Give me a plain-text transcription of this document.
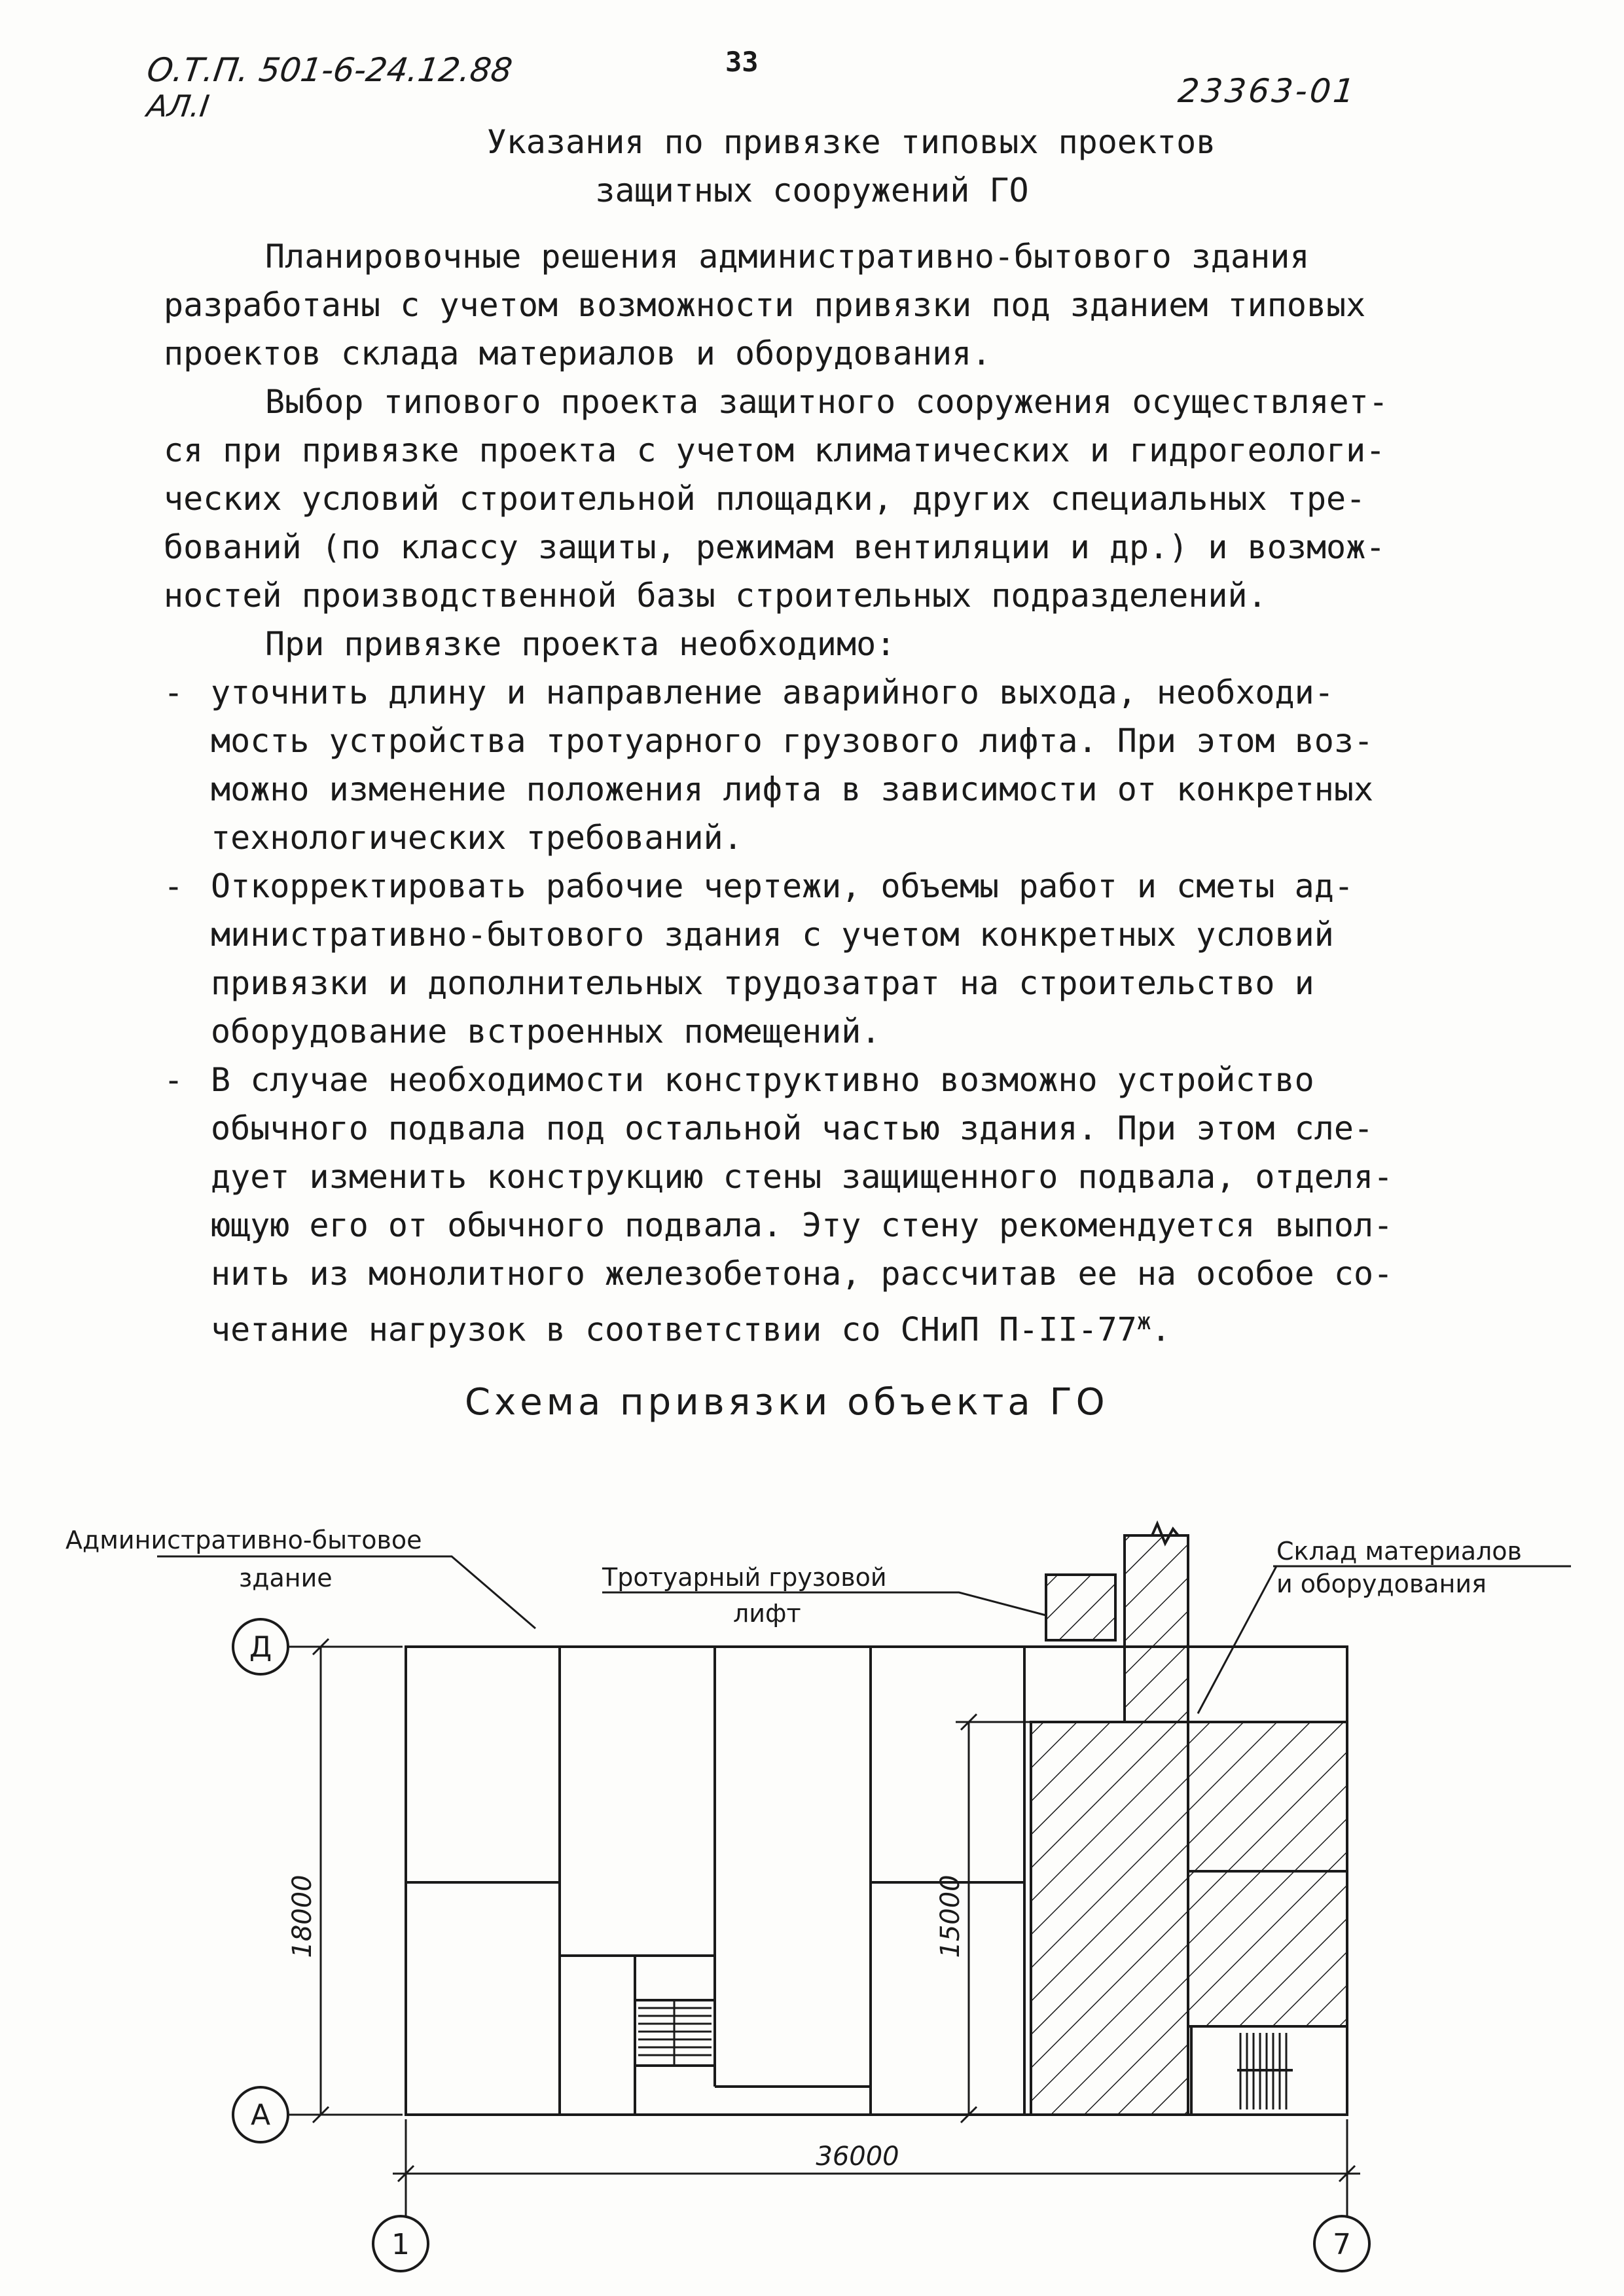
О.Т.П. 501-6-24.12.88
АЛ.I
33
23363-01
Указания по привязке типовых проектов
защитных сооружений ГО
Планировочные решения административно-бытового здания
разработаны с учетом возможности привязки под зданием типовых
проектов склада материалов и оборудования.
Выбор типового проекта защитного сооружения осуществляет-
ся при привязке проекта с учетом климатических и гидрогеологи-
ческих условий строительной площадки, других специальных тре-
бований (по классу защиты, режимам вентиляции и др.) и возмож-
ностей производственной базы строительных подразделений.
При привязке проекта необходимо:
- уточнить длину и направление аварийного выхода, необходи-
мость устройства тротуарного грузового лифта. При этом воз-
можно изменение положения лифта в зависимости от конкретных
технологических требований.
- Откорректировать рабочие чертежи, объемы работ и сметы ад-
министративно-бытового здания с учетом конкретных условий
привязки и дополнительных трудозатрат на строительство и
оборудование встроенных помещений.
- В случае необходимости конструктивно возможно устройство
обычного подвала под остальной частью здания. При этом сле-
дует изменить конструкцию стены защищенного подвала, отделя-
ющую его от обычного подвала. Эту стену рекомендуется выпол-
нить из монолитного железобетона, рассчитав ее на особое со-
четание нагрузок в соответствии со СНиП $П-II-77^ж$.
Схема привязки объекта ГО
Д
А
1	7
18000	15000
36000
Административно-бытовое
здание	Тротуарный грузовой
лифт
Склад материалов
и оборудования
